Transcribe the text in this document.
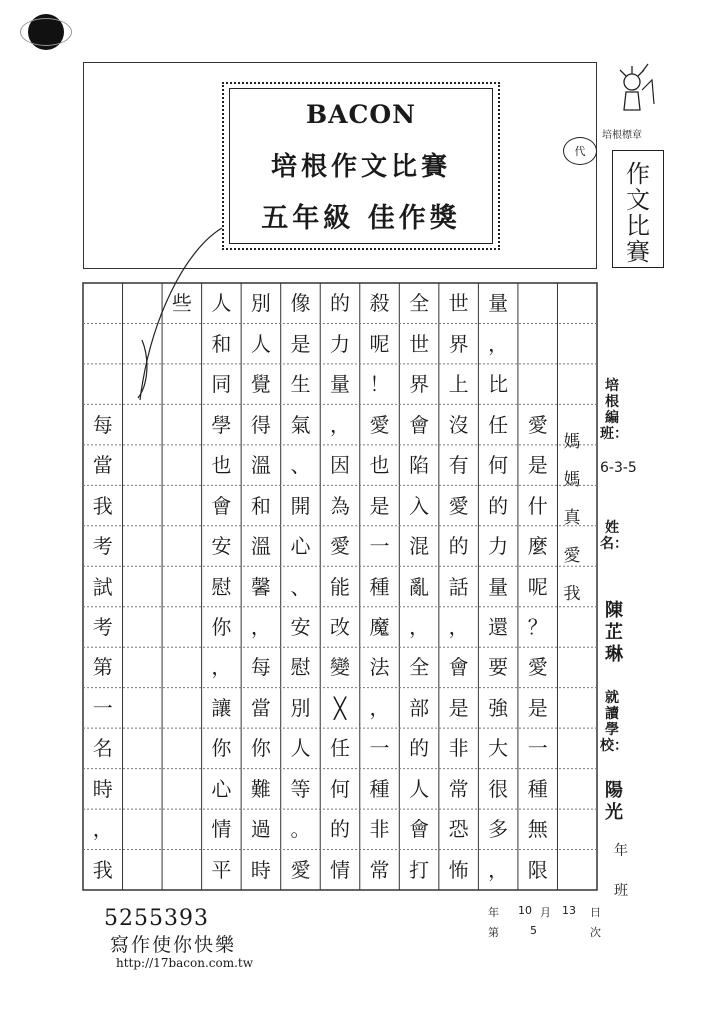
BACON
培根作文比賽
五年級 佳作獎
培根標章
代
作
文
比
賽
愛
是
什
麼
呢
？
愛
是
一
種
無
限
量
，
比
任
何
的
力
量
還
要
強
大
很
多
，
世
界
上
沒
有
愛
的
話
，
會
是
非
常
恐
怖
全
世
界
會
陷
入
混
亂
，
全
部
的
人
會
打
殺
呢
！
愛
也
是
一
種
魔
法
，
一
種
非
常
的
力
量
，
因
為
愛
能
改
變
╳
任
何
的
情
像
是
生
氣
、
開
心
、
安
慰
別
人
等
。
愛
別
人
覺
得
溫
和
溫
馨
，
每
當
你
難
過
時
人
和
同
學
也
會
安
慰
你
，
讓
你
心
情
平
些
每
當
我
考
試
考
第
一
名
時
，
我
媽
媽
真
愛
我
培根編班：
6-3-5
姓名：
陳芷琳
就讀學校：
陽光
年
班
年 10 月 13 日
第	5	次
5255393
寫作使你快樂
http://17bacon.com.tw
